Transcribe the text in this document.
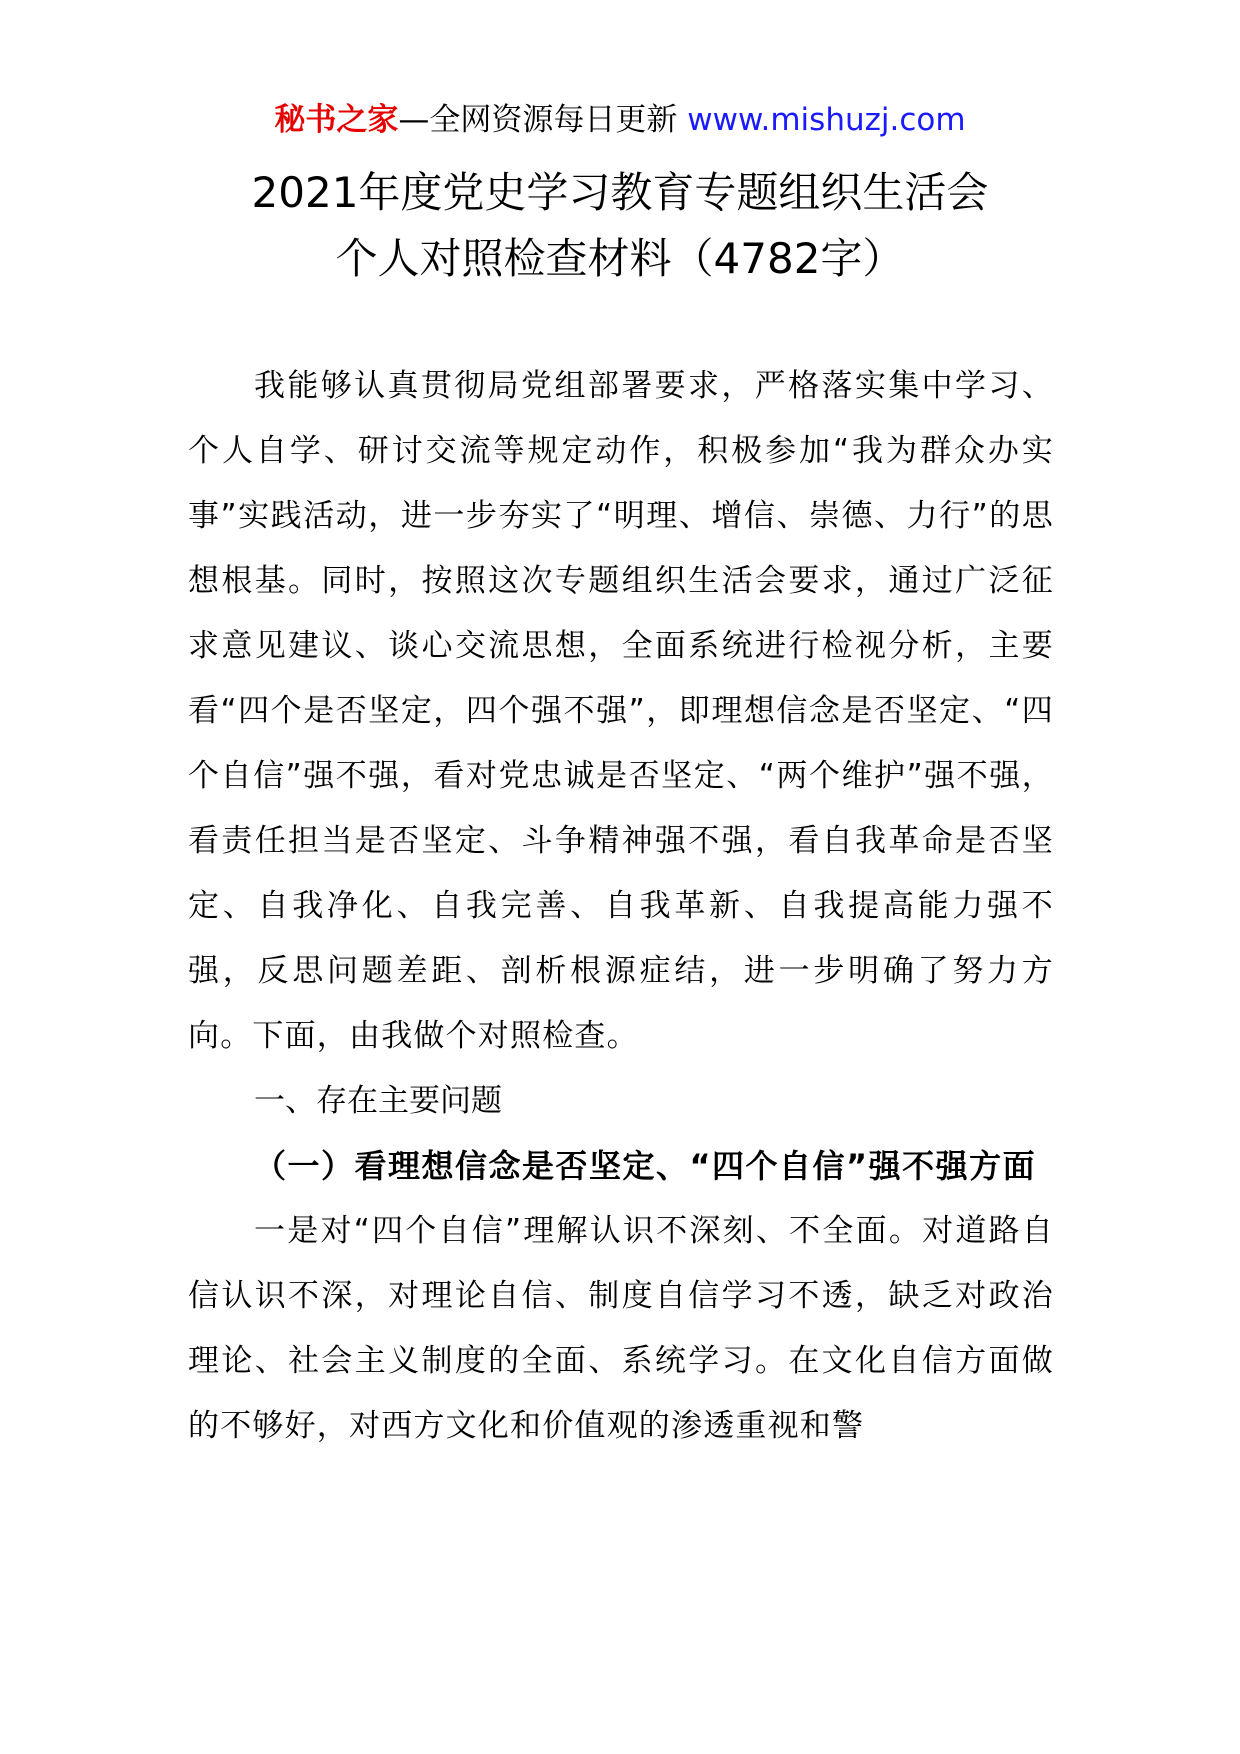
秘书之家—全网资源每日更新 www.mishuzj.com
2021年度党史学习教育专题组织生活会
个人对照检查材料（4782字）

我能够认真贯彻局党组部署要求，严格落实集中学习、个人自学、研讨交流等规定动作，积极参加“我为群众办实事”实践活动，进一步夯实了“明理、增信、崇德、力行”的思想根基。同时，按照这次专题组织生活会要求，通过广泛征求意见建议、谈心交流思想，全面系统进行检视分析，主要看“四个是否坚定，四个强不强”，即理想信念是否坚定、“四个自信”强不强，看对党忠诚是否坚定、“两个维护”强不强，看责任担当是否坚定、斗争精神强不强，看自我革命是否坚定、自我净化、自我完善、自我革新、自我提高能力强不强，反思问题差距、剖析根源症结，进一步明确了努力方向。下面，由我做个对照检查。

一、存在主要问题

（一）看理想信念是否坚定、“四个自信”强不强方面

一是对“四个自信”理解认识不深刻、不全面。对道路自信认识不深，对理论自信、制度自信学习不透，缺乏对政治理论、社会主义制度的全面、系统学习。在文化自信方面做的不够好，对西方文化和价值观的渗透重视和警
